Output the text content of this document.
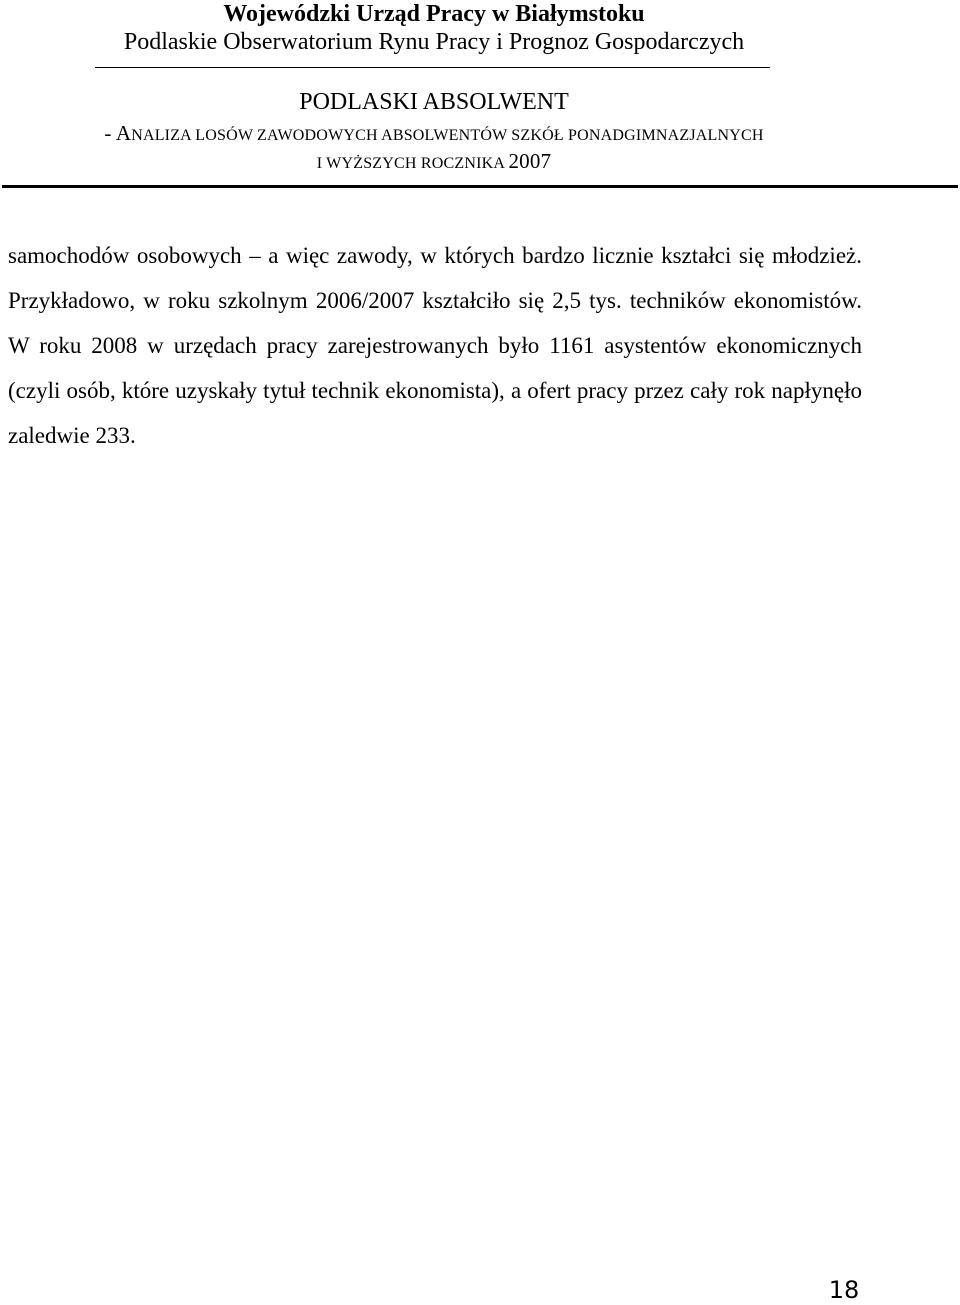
Wojewódzki Urząd Pracy w Białymstoku
Podlaskie Obserwatorium Rynu Pracy i Prognoz Gospodarczych
PODLASKI ABSOLWENT
- ANALIZA LOSÓW ZAWODOWYCH ABSOLWENTÓW SZKÓŁ PONADGIMNAZJALNYCH
I WYŻSZYCH ROCZNIKA 2007

samochodów osobowych – a więc zawody, w których bardzo licznie kształci się młodzież. Przykładowo, w roku szkolnym 2006/2007 kształciło się 2,5 tys. techników ekonomistów. W roku 2008 w urzędach pracy zarejestrowanych było 1161 asystentów ekonomicznych (czyli osób, które uzyskały tytuł technik ekonomista), a ofert pracy przez cały rok napłynęło zaledwie 233.

18
